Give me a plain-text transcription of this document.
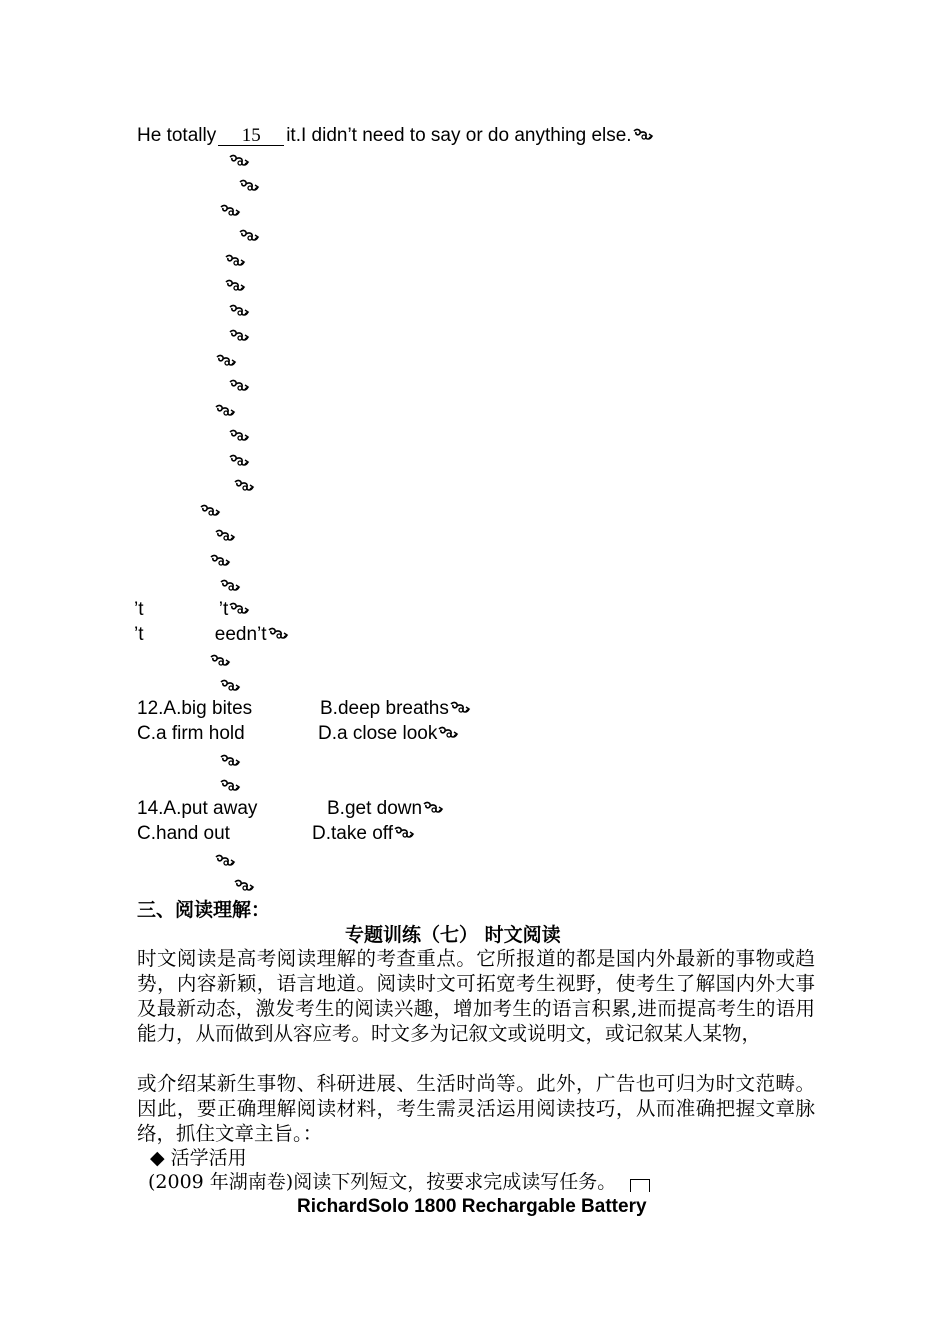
He totally 15 it.I didn’t need to say or do anything else.
’t	’t
’t	eedn’t
12.A.big bites	B.deep breaths
C.a firm hold	D.a close look
14.A.put away	B.get down
C.hand out	D.take off
三、阅读理解：
专题训练（七） 时文阅读
时文阅读是高考阅读理解的考查重点。它所报道的都是国内外最新的事物或趋势，内容新颖，语言地道。阅读时文可拓宽考生视野，使考生了解国内外大事及最新动态，激发考生的阅读兴趣，增加考生的语言积累,进而提高考生的语用能力，从而做到从容应考。时文多为记叙文或说明文，或记叙某人某物，
或介绍某新生事物、科研进展、生活时尚等。此外，广告也可归为时文范畴。 因此，要正确理解阅读材料，考生需灵活运用阅读技巧，从而准确把握文章脉络，抓住文章主旨。：
◆ 活学活用
(2009 年湖南卷)阅读下列短文，按要求完成读写任务。
RichardSolo 1800 Rechargable Battery
